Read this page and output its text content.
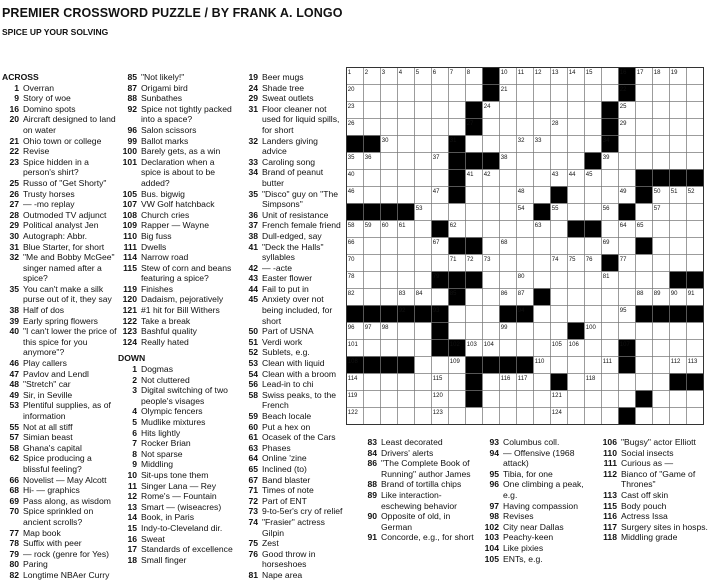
PREMIER CROSSWORD PUZZLE / BY FRANK A. LONGO
SPICE UP YOUR SOLVING
ACROSS
1 Overran
9 Story of woe
16 Domino spots
20 Aircraft designed to land on water
21 Ohio town or college
22 Revise
23 Spice hidden in a person's shirt?
25 Russo of "Get Shorty"
26 Trusty horses
27 — -mo replay
28 Outmoded TV adjunct
29 Political analyst Jen
30 Autograph: Abbr.
31 Blue Starter, for short
32 "Me and Bobby McGee" singer named after a spice?
35 You can't make a silk purse out of it, they say
38 Half of dos
39 Early spring flowers
40 "I can't lower the price of this spice for you anymore"?
46 Play callers
47 Pavlov and Lendl
48 "Stretch" car
49 Sir, in Seville
53 Plentiful supplies, as of information
55 Not at all stiff
57 Simian beast
58 Ghana's capital
62 Spice producing a blissful feeling?
66 Novelist — May Alcott
68 Hi- — graphics
69 Pass along, as wisdom
70 Spice sprinkled on ancient scrolls?
77 Map book
78 Suffix with peer
79 — rock (genre for Yes)
80 Paring
82 Longtime NBAer Curry
85 "Not likely!"
87 Origami bird
88 Sunbathes
92 Spice not tightly packed into a space?
96 Salon scissors
99 Ballot marks
100 Barely gets, as a win
101 Declaration when a spice is about to be added?
105 Bus. bigwig
107 VW Golf hatchback
108 Church cries
109 Rapper — Wayne
110 Big fuss
111 Dwells
114 Narrow road
115 Stew of corn and beans featuring a spice?
119 Finishes
120 Dadaism, pejoratively
121 #1 hit for Bill Withers
122 Take a break
123 Bashful quality
124 Really hated
DOWN
1 Dogmas
2 Not cluttered
3 Digital switching of two people's visages
4 Olympic fencers
5 Mudlike mixtures
6 Hits lightly
7 Rocker Brian
8 Not sparse
9 Middling
10 Sit-ups tone them
11 Singer Lana — Rey
12 Rome's — Fountain
13 Smart — (wiseacres)
14 Book, in Paris
15 Indy-to-Cleveland dir.
16 Sweat
17 Standards of excellence
18 Small finger
19 Beer mugs
24 Shade tree
29 Sweat outlets
31 Floor cleaner not used for liquid spills, for short
32 Landers giving advice
33 Caroling song
34 Brand of peanut butter
35 "Disco" guy on "The Simpsons"
36 Unit of resistance
37 French female friend
38 Dull-edged, say
41 "Deck the Halls" syllables
42 — -acte
43 Easter flower
44 Fail to put in
45 Anxiety over not being included, for short
50 Part of USNA
51 Verdi work
52 Sublets, e.g.
53 Clean with liquid
54 Clean with a broom
56 Lead-in to chi
58 Swiss peaks, to the French
59 Beach locale
60 Put a hex on
61 Ocasek of the Cars
63 Phases
64 Online 'zine
65 Inclined (to)
67 Band blaster
71 Times of note
72 Part of ENT
73 9-to-5er's cry of relief
74 "Frasier" actress Gilpin
75 Zest
76 Good throw in horseshoes
81 Nape area
83 Least decorated
84 Drivers' alerts
86 "The Complete Book of Running" author James
88 Brand of tortilla chips
89 Like interaction-eschewing behavior
90 Opposite of old, in German
91 Concorde, e.g., for short
93 Columbus coll.
94 — Offensive (1968 attack)
95 Tibia, for one
96 One climbing a peak, e.g.
97 Having compassion
98 Revises
102 City near Dallas
103 Peachy-keen
104 Like pixies
105 ENTs, e.g.
106 "Bugsy" actor Elliott
110 Social insects
111 Curious as —
112 Bianco of "Game of Thrones"
113 Cast off skin
115 Body pouch
116 Actress Issa
117 Surgery sites in hosps.
118 Middling grade
1 2 3 4 5 6 7 8	10 11 12 13 14 15	16 17 18 19
20	21	22
23	24	25
26	27	28	29
30	31	32 33	34
35 36	37	38	39
40	41 42	43 44 45
46	47	48	49	50 51 52
53	54	55	56	57
58 59 60 61	62	63	64 65
66	67	68	69
70	71 72 73	74 75 76	77
78	79	80	81
82	83 84	85	86 87	88 89 90 91
92	93	94	95
96 97 98	99	100
101	102 103 104	105 106	107
108	109	110	111	112 113
114	115	116 117	118
119	120	121
122	123	124
